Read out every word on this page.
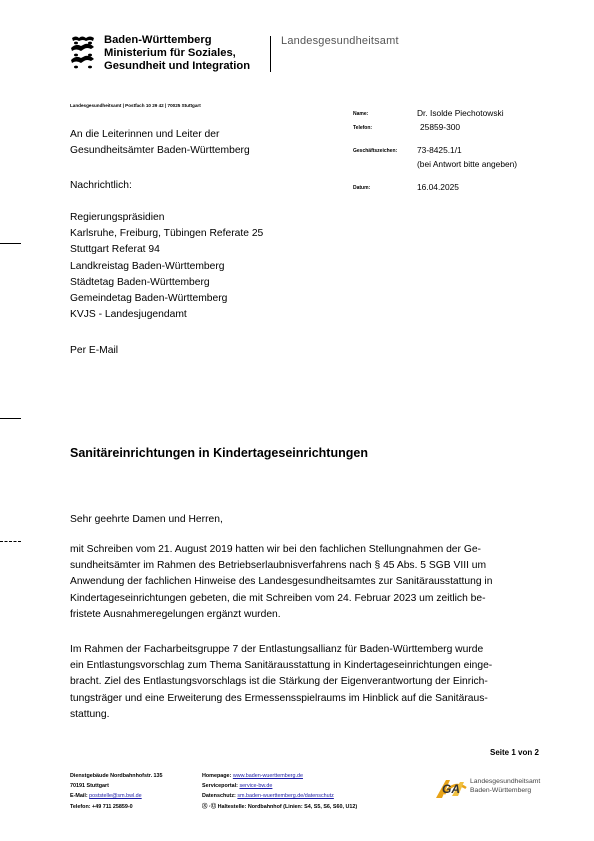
Baden-Württemberg
Ministerium für Soziales,
Gesundheit und Integration
Landesgesundheitsamt
Landesgesundheitsamt | Postfach 10 29 42 | 70025 Stuttgart
An die Leiterinnen und Leiter der
Gesundheitsämter Baden-Württemberg
Nachrichtlich:
Regierungspräsidien
Karlsruhe, Freiburg, Tübingen Referate 25
Stuttgart Referat 94
Landkreistag Baden-Württemberg
Städtetag Baden-Württemberg
Gemeindetag Baden-Württemberg
KVJS - Landesjugendamt
Per E-Mail
Name:	Dr. Isolde Piechotowski
Telefon:	25859-300
Geschäftszeichen: 73-8425.1/1
(bei Antwort bitte angeben)
Datum:	16.04.2025
Sanitäreinrichtungen in Kindertageseinrichtungen
Sehr geehrte Damen und Herren,
mit Schreiben vom 21. August 2019 hatten wir bei den fachlichen Stellungnahmen der Ge-
sundheitsämter im Rahmen des Betriebserlaubnisverfahrens nach § 45 Abs. 5 SGB VIII um
Anwendung der fachlichen Hinweise des Landesgesundheitsamtes zur Sanitärausstattung in
Kindertageseinrichtungen gebeten, die mit Schreiben vom 24. Februar 2023 um zeitlich be-
fristete Ausnahmeregelungen ergänzt wurden.
Im Rahmen der Facharbeitsgruppe 7 der Entlastungsallianz für Baden-Württemberg wurde
ein Entlastungsvorschlag zum Thema Sanitärausstattung in Kindertageseinrichtungen einge-
bracht. Ziel des Entlastungsvorschlags ist die Stärkung der Eigenverantwortung der Einrich-
tungsträger und eine Erweiterung des Ermessensspielraums im Hinblick auf die Sanitäraus-
stattung.
Seite 1 von 2
Dienstgebäude Nordbahnhofstr. 135
70191 Stuttgart
E-Mail: poststelle@sm.bwl.de
Telefon: +49 711 25859-0
Homepage: www.baden-wuerttemberg.de
Serviceportal: service-bw.de
Datenschutz: sm.baden-wuerttemberg.de/datenschutz
Ⓢ ·Ⓤ Haltestelle: Nordbahnhof (Linien: S4, S5, S6, S60, U12)
GA
Landesgesundheitsamt
Baden-Württemberg
